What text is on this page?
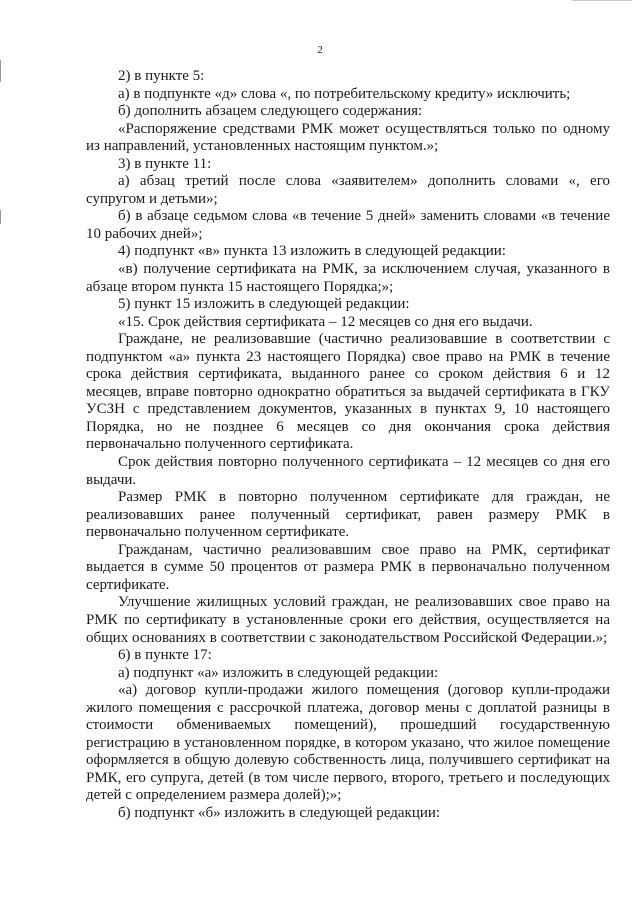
2

2) в пункте 5:

а) в подпункте «д» слова «, по потребительскому кредиту» исключить;

б) дополнить абзацем следующего содержания:

«Распоряжение средствами РМК может осуществляться только по одному из направлений, установленных настоящим пунктом.»;

3) в пункте 11:

а) абзац третий после слова «заявителем» дополнить словами «, его супругом и детьми»;

б) в абзаце седьмом слова «в течение 5 дней» заменить словами «в течение 10 рабочих дней»;

4) подпункт «в» пункта 13 изложить в следующей редакции:

«в) получение сертификата на РМК, за исключением случая, указанного в абзаце втором пункта 15 настоящего Порядка;»;

5) пункт 15 изложить в следующей редакции:

«15. Срок действия сертификата – 12 месяцев со дня его выдачи.

Граждане, не реализовавшие (частично реализовавшие в соответствии с подпунктом «а» пункта 23 настоящего Порядка) свое право на РМК в течение срока действия сертификата, выданного ранее со сроком действия 6 и 12 месяцев, вправе повторно однократно обратиться за выдачей сертификата в ГКУ УСЗН с представлением документов, указанных в пунктах 9, 10 настоящего Порядка, но не позднее 6 месяцев со дня окончания срока действия первоначально полученного сертификата.

Срок действия повторно полученного сертификата – 12 месяцев со дня его выдачи.

Размер РМК в повторно полученном сертификате для граждан, не реализовавших ранее полученный сертификат, равен размеру РМК в первоначально полученном сертификате.

Гражданам, частично реализовавшим свое право на РМК, сертификат выдается в сумме 50 процентов от размера РМК в первоначально полученном сертификате.

Улучшение жилищных условий граждан, не реализовавших свое право на РМК по сертификату в установленные сроки его действия, осуществляется на общих основаниях в соответствии с законодательством Российской Федерации.»;

6) в пункте 17:

а) подпункт «а» изложить в следующей редакции:

«а) договор купли-продажи жилого помещения (договор купли-продажи жилого помещения с рассрочкой платежа, договор мены с доплатой разницы в стоимости обмениваемых помещений), прошедший государственную регистрацию в установленном порядке, в котором указано, что жилое помещение оформляется в общую долевую собственность лица, получившего сертификат на РМК, его супруга, детей (в том числе первого, второго, третьего и последующих детей с определением размера долей);»;

б) подпункт «б» изложить в следующей редакции:
